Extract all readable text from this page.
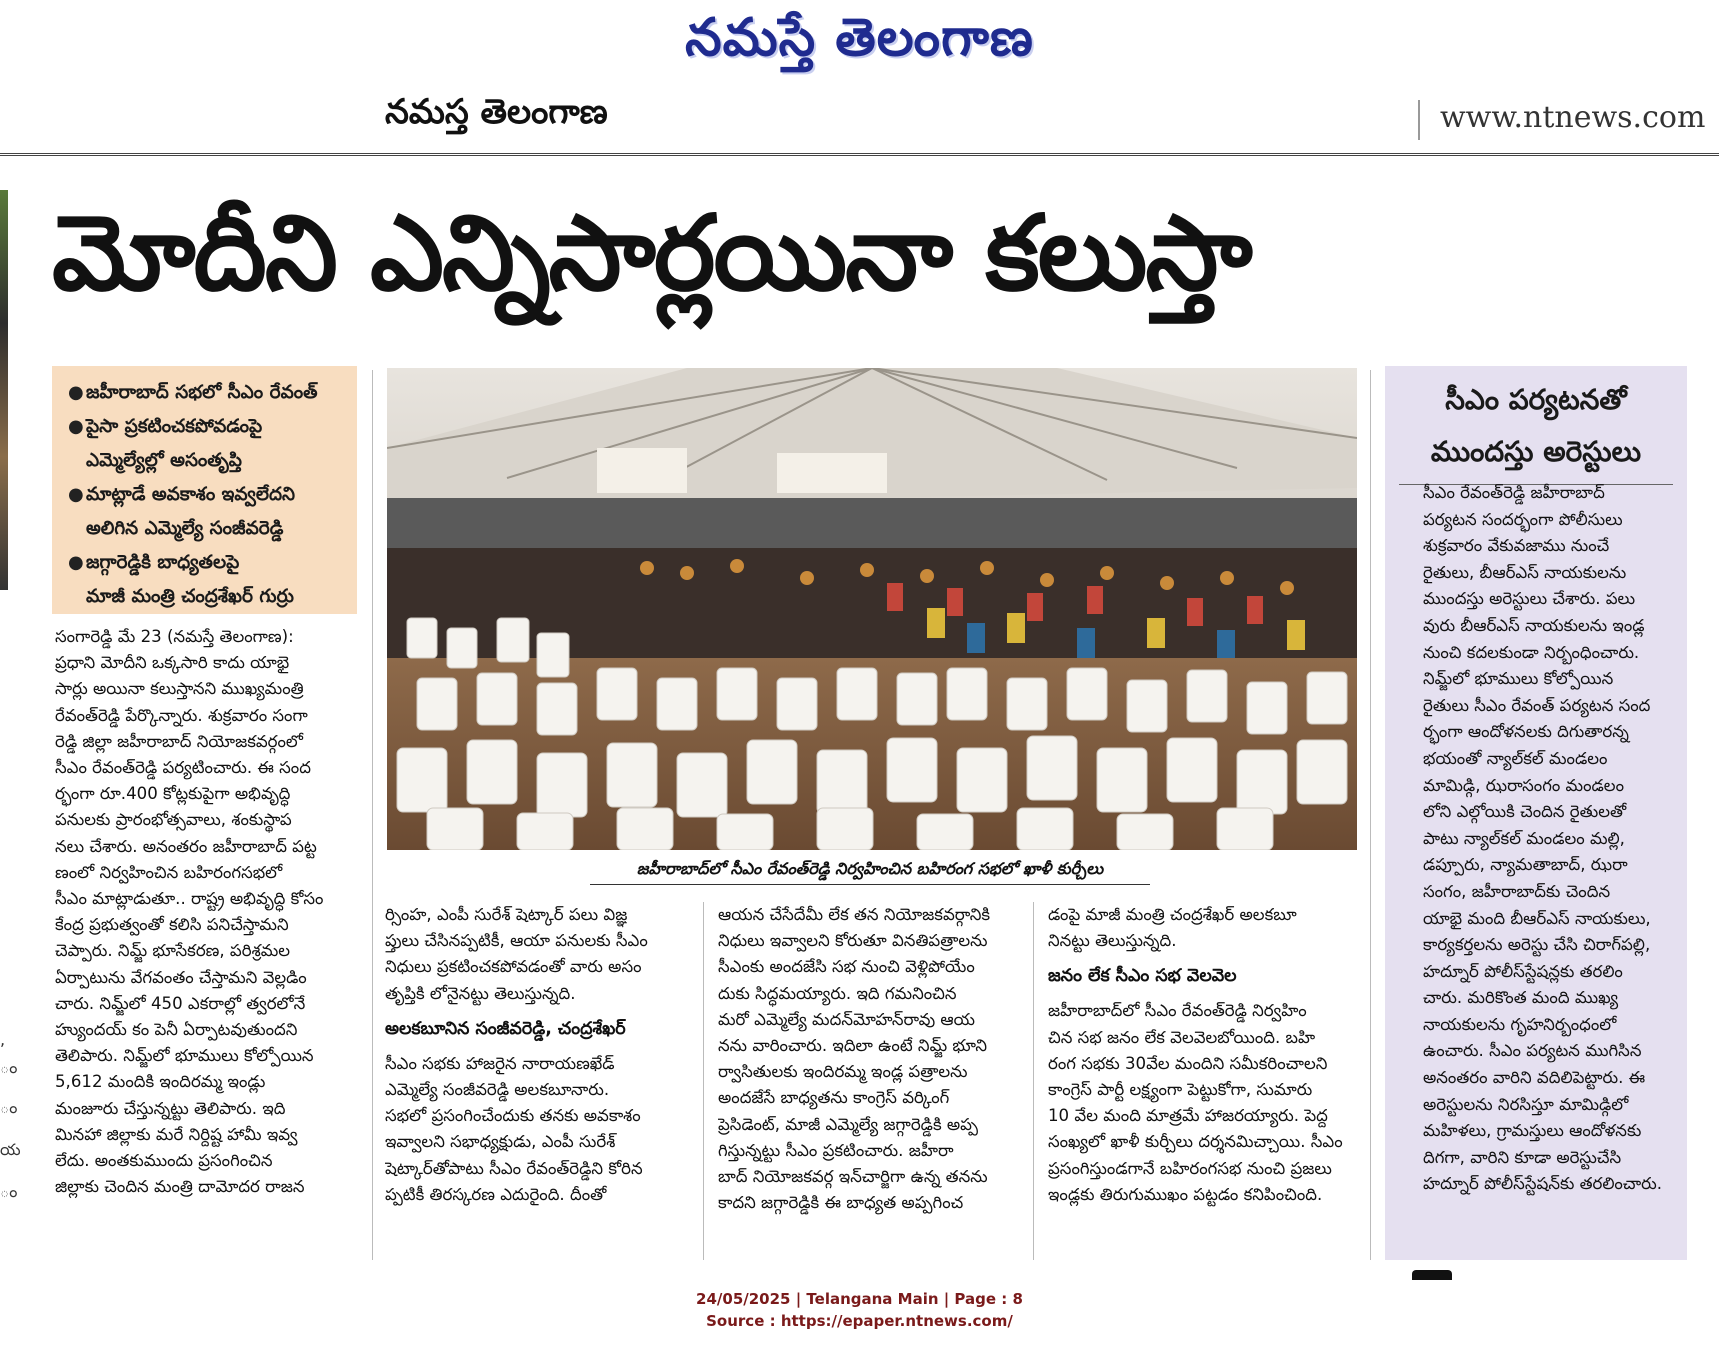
నమస్తే తెలంగాణ
నమస్త తెలంగాణ	www.ntnews.com
మోదీని ఎన్నిసార్లయినా కలుస్తా
● జహీరాబాద్‌ సభలో సీఎం రేవంత్‌
● పైసా ప్రకటించకపోవడంపై
ఎమ్మెల్యేల్లో అసంతృప్తి
● మాట్లాడే అవకాశం ఇవ్వలేదని
అలిగిన ఎమ్మెల్యే సంజీవరెడ్డి
● జగ్గారెడ్డికి బాధ్యతలపై
మాజీ మంత్రి చంద్రశేఖర్‌ గుర్రు
జహీరాబాద్‌లో సీఎం రేవంత్‌రెడ్డి నిర్వహించిన బహిరంగ సభలో ఖాళీ కుర్చీలు
సంగారెడ్డి మే 23 (నమస్తే తెలంగాణ):
ప్రధాని మోదీని ఒక్కసారి కాదు యాభై
సార్లు అయినా కలుస్తానని ముఖ్యమంత్రి
రేవంత్‌రెడ్డి పేర్కొన్నారు. శుక్రవారం సంగా
రెడ్డి జిల్లా జహీరాబాద్‌ నియోజకవర్గంలో
సీఎం రేవంత్‌రెడ్డి పర్యటించారు. ఈ సంద
ర్భంగా రూ.400 కోట్లకుపైగా అభివృద్ధి
పనులకు ప్రారంభోత్సవాలు, శంకుస్థాప
నలు చేశారు. అనంతరం జహీరాబాద్‌ పట్ట
ణంలో నిర్వహించిన బహిరంగసభలో
సీఎం మాట్లాడుతూ.. రాష్ట్ర అభివృద్ధి కోసం
కేంద్ర ప్రభుత్వంతో కలిసి పనిచేస్తామని
చెప్పారు. నిమ్జ్‌ భూసేకరణ, పరిశ్రమల
ఏర్పాటును వేగవంతం చేస్తామని వెల్లడిం
చారు. నిమ్జ్‌లో 450 ఎకరాల్లో త్వరలోనే
హ్యుందయ్‌ కం పెనీ ఏర్పాటవుతుందని
తెలిపారు. నిమ్జ్‌లో భూములు కోల్పోయిన
5,612 మందికి ఇందిరమ్మ ఇండ్లు
మంజూరు చేస్తున్నట్టు తెలిపారు. ఇది
మినహా జిల్లాకు మరే నిర్దిష్ట హామీ ఇవ్వ
లేదు. అంతకుముందు ప్రసంగించిన
జిల్లాకు చెందిన మంత్రి దామోదర రాజన
ర్సింహ, ఎంపీ సురేశ్‌ షెట్కార్‌ పలు విజ్ఞ
ప్తులు చేసినప్పటికీ, ఆయా పనులకు సీఎం
నిధులు ప్రకటించకపోవడంతో వారు అసం
తృప్తికి లోనైనట్టు తెలుస్తున్నది.
అలకబూనిన సంజీవరెడ్డి, చంద్రశేఖర్‌
సీఎం సభకు హాజరైన నారాయణఖేడ్‌
ఎమ్మెల్యే సంజీవరెడ్డి అలకబూనారు.
సభలో ప్రసంగించేందుకు తనకు అవకాశం
ఇవ్వాలని సభాధ్యక్షుడు, ఎంపీ సురేశ్‌
షెట్కార్‌తోపాటు సీఎం రేవంత్‌రెడ్డిని కోరిన
ప్పటికీ తిరస్కరణ ఎదురైంది. దీంతో
ఆయన చేసేదేమీ లేక తన నియోజకవర్గానికి
నిధులు ఇవ్వాలని కోరుతూ వినతిపత్రాలను
సీఎంకు అందజేసి సభ నుంచి వెళ్లిపోయేం
దుకు సిద్ధమయ్యారు. ఇది గమనించిన
మరో ఎమ్మెల్యే మదన్‌మోహన్‌రావు ఆయ
నను వారించారు. ఇదిలా ఉంటే నిమ్జ్‌ భూని
ర్వాసితులకు ఇందిరమ్మ ఇండ్ల పత్రాలను
అందజేసే బాధ్యతను కాంగ్రెస్‌ వర్కింగ్‌
ప్రెసిడెంట్‌, మాజీ ఎమ్మెల్యే జగ్గారెడ్డికి అప్ప
గిస్తున్నట్టు సీఎం ప్రకటించారు. జహీరా
బాద్‌ నియోజకవర్గ ఇన్‌చార్జిగా ఉన్న తనను
కాదని జగ్గారెడ్డికి ఈ బాధ్యత అప్పగించ
డంపై మాజీ మంత్రి చంద్రశేఖర్‌ అలకబూ
నినట్టు తెలుస్తున్నది.
జనం లేక సీఎం సభ వెలవెల
జహీరాబాద్‌లో సీఎం రేవంత్‌రెడ్డి నిర్వహిం
చిన సభ జనం లేక వెలవెలబోయింది. బహి
రంగ సభకు 30వేల మందిని సమీకరించాలని
కాంగ్రెస్‌ పార్టీ లక్ష్యంగా పెట్టుకోగా, సుమారు
10 వేల మంది మాత్రమే హాజరయ్యారు. పెద్ద
సంఖ్యలో ఖాళీ కుర్చీలు దర్శనమిచ్చాయి. సీఎం
ప్రసంగిస్తుండగానే బహిరంగసభ నుంచి ప్రజలు
ఇండ్లకు తిరుగుముఖం పట్టడం కనిపించింది.
సీఎం పర్యటనతో
ముందస్తు అరెస్టులు
సీఎం రేవంత్‌రెడ్డి జహీరాబాద్‌
పర్యటన సందర్భంగా పోలీసులు
శుక్రవారం వేకువజాము నుంచే
రైతులు, బీఆర్‌ఎస్‌ నాయకులను
ముందస్తు అరెస్టులు చేశారు. పలు
వురు బీఆర్‌ఎస్‌ నాయకులను ఇండ్ల
నుంచి కదలకుండా నిర్బంధించారు.
నిమ్జ్‌లో భూములు కోల్పోయిన
రైతులు సీఎం రేవంత్‌ పర్యటన సంద
ర్భంగా ఆందోళనలకు దిగుతారన్న
భయంతో న్యాల్‌కల్‌ మండలం
మామిడ్గి, ఝరాసంగం మండలం
లోని ఎల్గోయికి చెందిన రైతులతో
పాటు న్యాల్‌కల్‌ మండలం మల్లి,
డప్పూరు, న్యామతాబాద్‌, ఝరా
సంగం, జహీరాబాద్‌కు చెందిన
యాభై మంది బీఆర్‌ఎస్‌ నాయకులు,
కార్యకర్తలను అరెస్టు చేసి చిరాగ్‌పల్లి,
హద్నూర్‌ పోలీస్‌స్టేషన్లకు తరలిం
చారు. మరికొంత మంది ముఖ్య
నాయకులను గృహనిర్బంధంలో
ఉంచారు. సీఎం పర్యటన ముగిసిన
అనంతరం వారిని వదిలిపెట్టారు. ఈ
అరెస్టులను నిరసిస్తూ మామిడ్గిలో
మహిళలు, గ్రామస్తులు ఆందోళనకు
దిగగా, వారిని కూడా అరెస్టుచేసి
హద్నూర్‌ పోలీస్‌స్టేషన్‌కు తరలించారు.
,
ం
ం
య
ం
24/05/2025 | Telangana Main | Page : 8
Source : https://epaper.ntnews.com/
